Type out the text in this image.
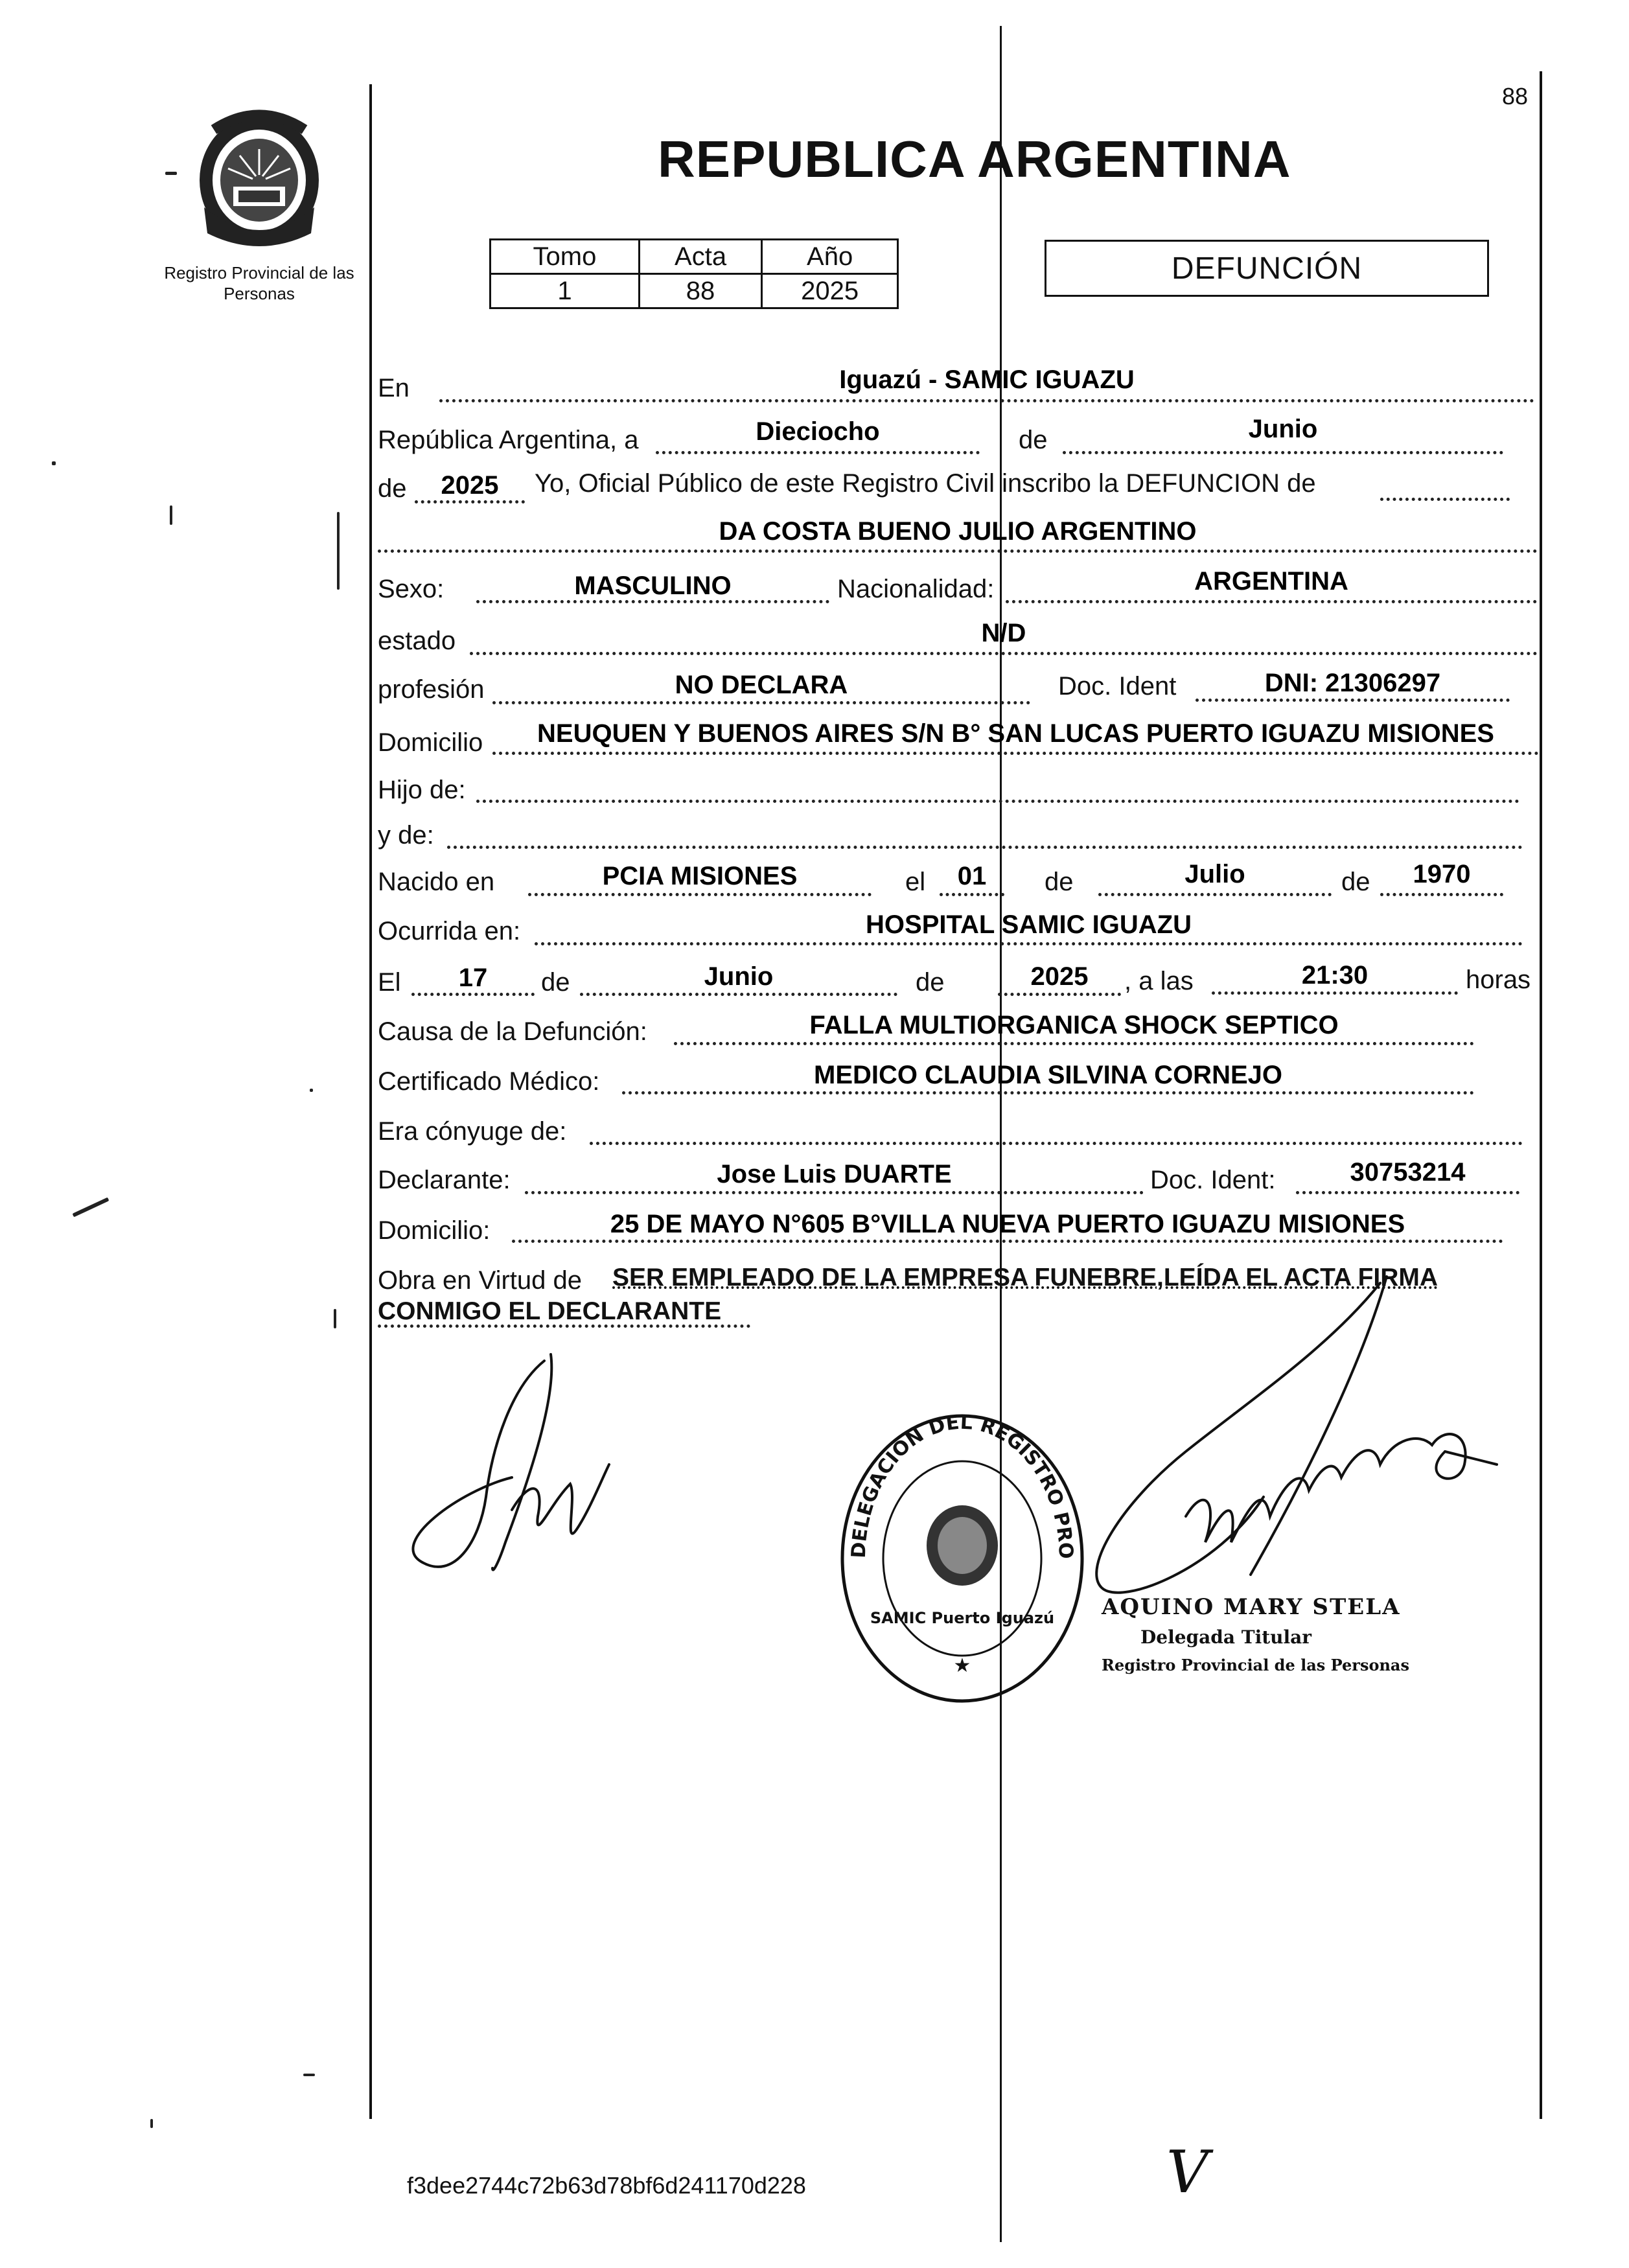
88
Registro Provincial de las Personas
REPUBLICA ARGENTINA
Tomo	Acta	Año
1	88	2025
DEFUNCIÓN
En	Iguazú - SAMIC IGUAZU
República Argentina, a	Dieciocho	de	Junio
de	2025	Yo, Oficial Público de este Registro Civil inscribo la DEFUNCION de
DA COSTA BUENO JULIO ARGENTINO
Sexo:	MASCULINO	Nacionalidad:	ARGENTINA
estado	N/D
profesión	NO DECLARA	Doc. Ident	DNI: 21306297
Domicilio	NEUQUEN Y BUENOS AIRES S/N B° SAN LUCAS PUERTO IGUAZU MISIONES
Hijo de:
y de:
Nacido en	PCIA MISIONES	el	01	de	Julio	de	1970
Ocurrida en:	HOSPITAL SAMIC IGUAZU
El	17	de	Junio	de	2025	, a las	21:30	horas
Causa de la Defunción:	FALLA MULTIORGANICA SHOCK SEPTICO
Certificado Médico:	MEDICO CLAUDIA SILVINA CORNEJO
Era cónyuge de:
Declarante:	Jose Luis DUARTE	Doc. Ident:	30753214
Domicilio:	25 DE MAYO N°605 B°VILLA NUEVA PUERTO IGUAZU MISIONES
Obra en Virtud de SER EMPLEADO DE LA EMPRESA FUNEBRE,LEÍDA EL ACTA FIRMA
CONMIGO EL DECLARANTE
DELEGACION DEL REGISTRO PRO
SAMIC Puerto Iguazú
★
AQUINO MARY STELA
Delegada Titular
Registro Provincial de las Personas
f3dee2744c72b63d78bf6d241170d228	V
